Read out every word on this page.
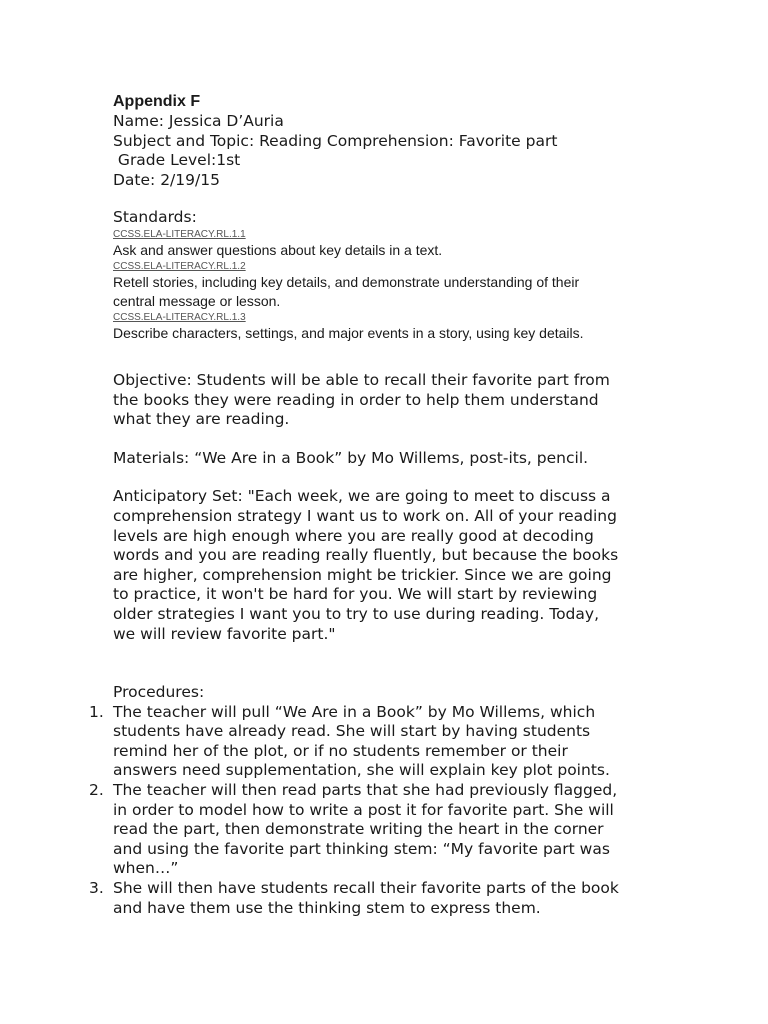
Appendix F
Name: Jessica D’Auria
Subject and Topic: Reading Comprehension: Favorite part
Grade Level:1st
Date: 2/19/15
Standards:
CCSS.ELA-LITERACY.RL.1.1
Ask and answer questions about key details in a text.
CCSS.ELA-LITERACY.RL.1.2
Retell stories, including key details, and demonstrate understanding of their
central message or lesson.
CCSS.ELA-LITERACY.RL.1.3
Describe characters, settings, and major events in a story, using key details.

Objective: Students will be able to recall their favorite part from

the books they were reading in order to help them understand

what they are reading.

Materials: “We Are in a Book” by Mo Willems, post-its, pencil.

Anticipatory Set: "Each week, we are going to meet to discuss a

comprehension strategy I want us to work on. All of your reading

levels are high enough where you are really good at decoding

words and you are reading really fluently, but because the books

are higher, comprehension might be trickier. Since we are going

to practice, it won't be hard for you. We will start by reviewing

older strategies I want you to try to use during reading. Today,

we will review favorite part."

Procedures:
1. The teacher will pull “We Are in a Book” by Mo Willems, which

students have already read. She will start by having students

remind her of the plot, or if no students remember or their

answers need supplementation, she will explain key plot points.

2. The teacher will then read parts that she had previously flagged,

in order to model how to write a post it for favorite part. She will

read the part, then demonstrate writing the heart in the corner

and using the favorite part thinking stem: “My favorite part was

when…”

3. She will then have students recall their favorite parts of the book

and have them use the thinking stem to express them.
